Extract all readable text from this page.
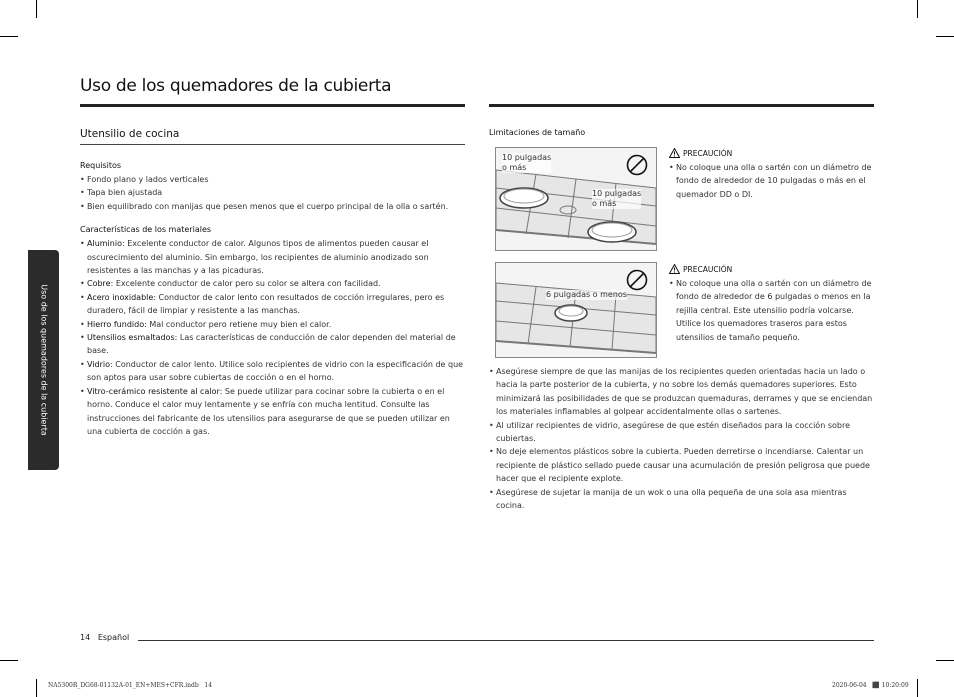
Uso de los quemadores de la cubierta
Uso de los quemadores de la cubierta
Utensilio de cocina
Requisitos
• Fondo plano y lados verticales
• Tapa bien ajustada
• Bien equilibrado con manijas que pesen menos que el cuerpo principal de la olla o sartén.
Características de los materiales
• Aluminio: Excelente conductor de calor. Algunos tipos de alimentos pueden causar el oscurecimiento del aluminio. Sin embargo, los recipientes de aluminio anodizado son resistentes a las manchas y a las picaduras.
• Cobre: Excelente conductor de calor pero su color se altera con facilidad.
• Acero inoxidable: Conductor de calor lento con resultados de cocción irregulares, pero es duradero, fácil de limpiar y resistente a las manchas.
• Hierro fundido: Mal conductor pero retiene muy bien el calor.
• Utensilios esmaltados: Las características de conducción de calor dependen del material de base.
• Vidrio: Conductor de calor lento. Utilice solo recipientes de vidrio con la especificación de que son aptos para usar sobre cubiertas de cocción o en el horno.
• Vitro-cerámico resistente al calor: Se puede utilizar para cocinar sobre la cubierta o en el horno. Conduce el calor muy lentamente y se enfría con mucha lentitud. Consulte las instrucciones del fabricante de los utensilios para asegurarse de que se pueden utilizar en una cubierta de cocción a gas.
Limitaciones de tamaño
10 pulgadas
o más
10 pulgadas
o más
PRECAUCIÓN
• No coloque una olla o sartén con un diámetro de fondo de alrededor de 10 pulgadas o más en el quemador DD o DI.
6 pulgadas o menos
PRECAUCIÓN
• No coloque una olla o sartén con un diámetro de fondo de alrededor de 6 pulgadas o menos en la rejilla central. Este utensilio podría volcarse. Utilice los quemadores traseros para estos utensilios de tamaño pequeño.
• Asegúrese siempre de que las manijas de los recipientes queden orientadas hacia un lado o hacia la parte posterior de la cubierta, y no sobre los demás quemadores superiores. Esto minimizará las posibilidades de que se produzcan quemaduras, derrames y que se enciendan los materiales inflamables al golpear accidentalmente ollas o sartenes.
• Al utilizar recipientes de vidrio, asegúrese de que estén diseñados para la cocción sobre cubiertas.
• No deje elementos plásticos sobre la cubierta. Pueden derretirse o incendiarse. Calentar un recipiente de plástico sellado puede causar una acumulación de presión peligrosa que puede hacer que el recipiente explote.
• Asegúrese de sujetar la manija de un wok o una olla pequeña de una sola asa mientras cocina.
14 Español
NA5300R_DG68-01132A-01_EN+MES+CFR.indb   14	2020-06-04   ⬛ 10:20:09
